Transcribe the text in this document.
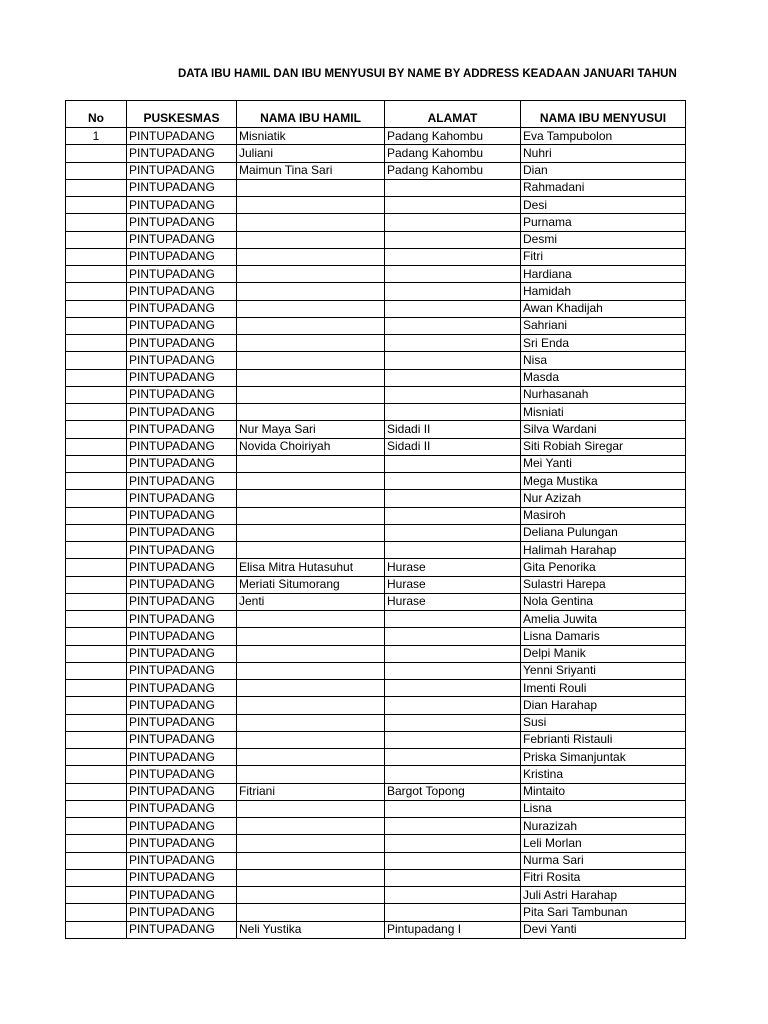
DATA IBU HAMIL DAN IBU MENYUSUI BY NAME BY ADDRESS KEADAAN JANUARI TAHUN
No	PUSKESMAS	NAMA IBU HAMIL	ALAMAT	NAMA IBU MENYUSUI
1	PINTUPADANG	Misniatik	Padang Kahombu	Eva Tampubolon
	PINTUPADANG	Juliani	Padang Kahombu	Nuhri
	PINTUPADANG	Maimun Tina Sari	Padang Kahombu	Dian
	PINTUPADANG			Rahmadani
	PINTUPADANG			Desi
	PINTUPADANG			Purnama
	PINTUPADANG			Desmi
	PINTUPADANG			Fitri
	PINTUPADANG			Hardiana
	PINTUPADANG			Hamidah
	PINTUPADANG			Awan Khadijah
	PINTUPADANG			Sahriani
	PINTUPADANG			Sri Enda
	PINTUPADANG			Nisa
	PINTUPADANG			Masda
	PINTUPADANG			Nurhasanah
	PINTUPADANG			Misniati
	PINTUPADANG	Nur Maya Sari	Sidadi II	Silva Wardani
	PINTUPADANG	Novida Choiriyah	Sidadi II	Siti Robiah Siregar
	PINTUPADANG			Mei Yanti
	PINTUPADANG			Mega Mustika
	PINTUPADANG			Nur Azizah
	PINTUPADANG			Masiroh
	PINTUPADANG			Deliana Pulungan
	PINTUPADANG			Halimah Harahap
	PINTUPADANG	Elisa Mitra Hutasuhut	Hurase	Gita Penorika
	PINTUPADANG	Meriati Situmorang	Hurase	Sulastri Harepa
	PINTUPADANG	Jenti	Hurase	Nola Gentina
	PINTUPADANG			Amelia Juwita
	PINTUPADANG			Lisna Damaris
	PINTUPADANG			Delpi Manik
	PINTUPADANG			Yenni Sriyanti
	PINTUPADANG			Imenti Rouli
	PINTUPADANG			Dian Harahap
	PINTUPADANG			Susi
	PINTUPADANG			Febrianti Ristauli
	PINTUPADANG			Priska Simanjuntak
	PINTUPADANG			Kristina
	PINTUPADANG	Fitriani	Bargot Topong	Mintaito
	PINTUPADANG			Lisna
	PINTUPADANG			Nurazizah
	PINTUPADANG			Leli Morlan
	PINTUPADANG			Nurma Sari
	PINTUPADANG			Fitri Rosita
	PINTUPADANG			Juli Astri Harahap
	PINTUPADANG			Pita Sari Tambunan
	PINTUPADANG	Neli Yustika	Pintupadang I	Devi Yanti
